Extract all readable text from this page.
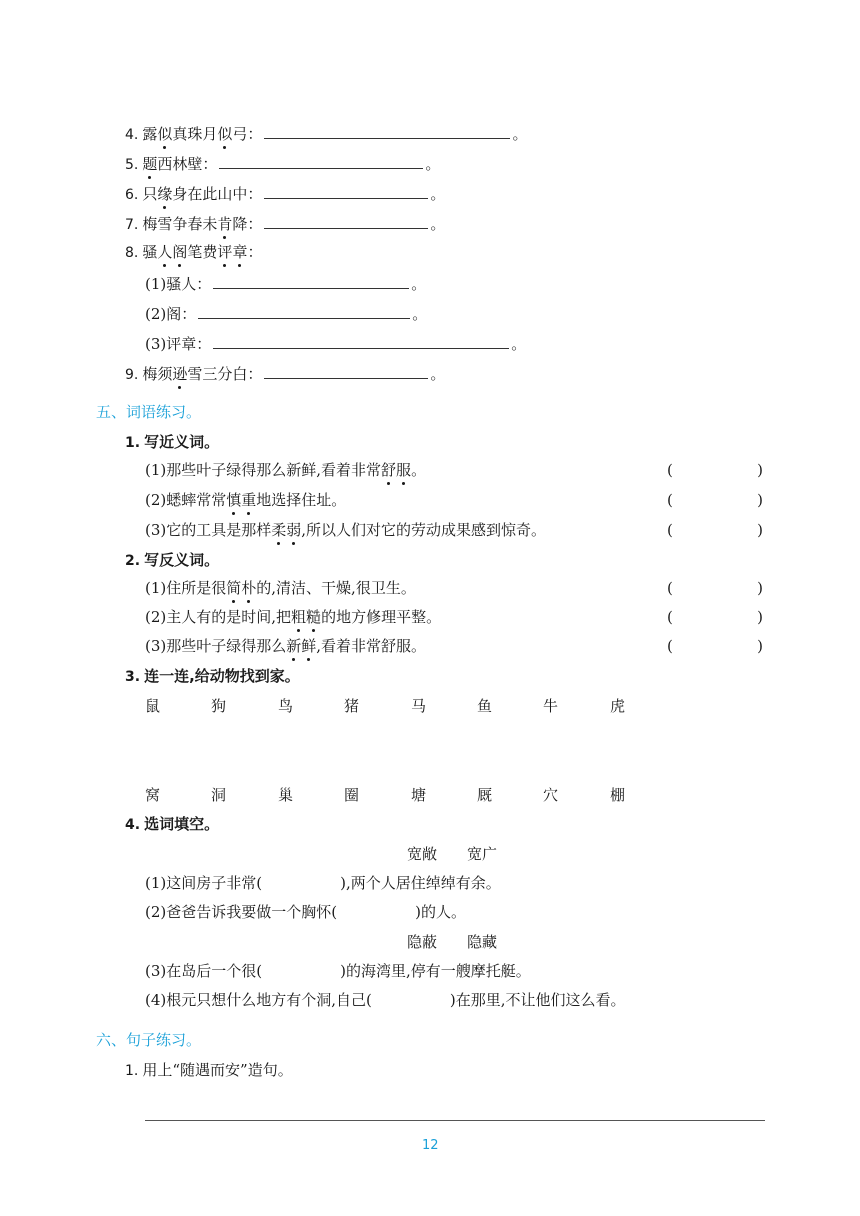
4. 露似真珠月似弓：	。
5. 题西林壁：	。
6. 只缘身在此山中：	。
7. 梅雪争春未肯降：	。
8. 骚人阁笔费评章：
(1)骚人：	。
(2)阁：	。
(3)评章：	。
9. 梅须逊雪三分白：	。
五、词语练习。
1. 写近义词。
(1)那些叶子绿得那么新鲜,看着非常舒服。	(	)
(2)蟋蟀常常慎重地选择住址。	(	)
(3)它的工具是那样柔弱,所以人们对它的劳动成果感到惊奇。	(	)
2. 写反义词。
(1)住所是很简朴的,清洁、干燥,很卫生。	(	)
(2)主人有的是时间,把粗糙的地方修理平整。	(	)
(3)那些叶子绿得那么新鲜,看着非常舒服。	(	)
3. 连一连,给动物找到家。
鼠	狗	鸟	猪	马	鱼	牛	虎
窝	洞	巢	圈	塘	厩	穴	棚
4. 选词填空。
宽敞　　宽广
(1)这间房子非常(	),两个人居住绰绰有余。
(2)爸爸告诉我要做一个胸怀(	)的人。
隐蔽　　隐藏
(3)在岛后一个很(	)的海湾里,停有一艘摩托艇。
(4)根元只想什么地方有个洞,自己(	)在那里,不让他们这么看。
六、句子练习。
1. 用上“随遇而安”造句。
12
